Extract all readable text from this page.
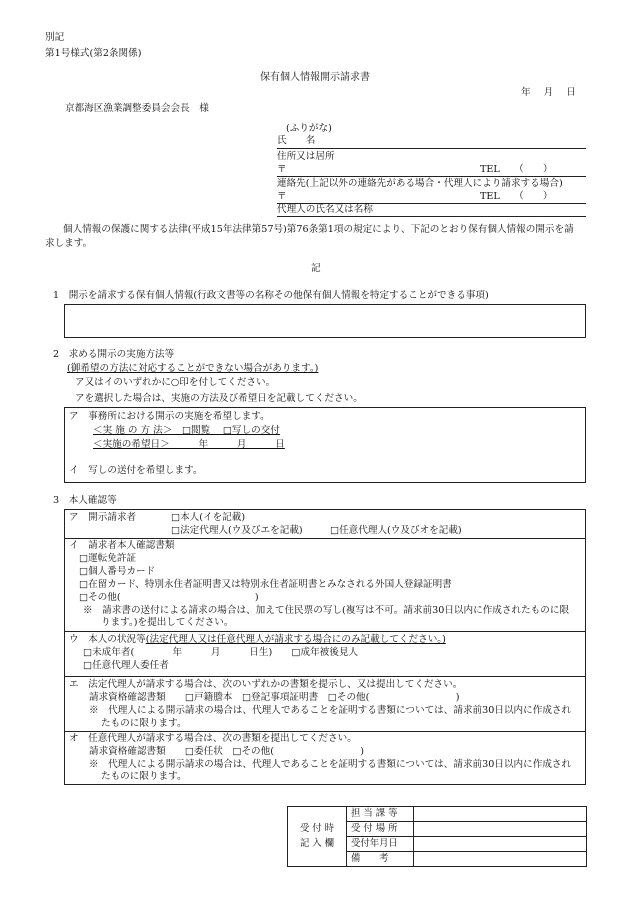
別記
第1号様式(第2条関係)
保有個人情報開示請求書
年 月 日
京都海区漁業調整委員会会長　様
(ふりがな)
氏　　名
住所又は居所
〒	TEL　　（　　）
連絡先(上記以外の連絡先がある場合・代理人により請求する場合)
〒	TEL　　（　　）
代理人の氏名又は名称
個人情報の保護に関する法律(平成15年法律第57号)第76条第1項の規定により、下記のとおり保有個人情報の開示を請
求します。
記
1　開示を請求する保有個人情報(行政文書等の名称その他保有個人情報を特定することができる事項)
2　求める開示の実施方法等
(御希望の方法に対応することができない場合があります。)
ア又はイのいずれかに○印を付してください。
アを選択した場合は、実施の方法及び希望日を記載してください。
ア　事務所における開示の実施を希望します。
＜実 施 の 方 法＞　□閲覧　 □写しの交付
＜実施の希望日＞　　　年　　　月　　　日
イ　写しの送付を希望します。
3　本人確認等
ア　開示請求者	□本人(イを記載)
□法定代理人(ウ及びエを記載)	□任意代理人(ウ及びオを記載)
イ　請求者本人確認書類
□運転免許証
□個人番号カード
□在留カード、特別永住者証明書又は特別永住者証明書とみなされる外国人登録証明書
□その他(　　　　　　　　　　　　　　)
※　請求書の送付による請求の場合は、加えて住民票の写し(複写は不可。請求前30日以内に作成されたものに限
ります。)を提出してください。
ウ　本人の状況等(法定代理人又は任意代理人が請求する場合にのみ記載してください。)
□未成年者(　　　　年　　　月　　　日生)　　□成年被後見人
□任意代理人委任者
エ　法定代理人が請求する場合は、次のいずれかの書類を提示し、又は提出してください。
請求資格確認書類　　□戸籍謄本　□登記事項証明書　□その他(　　　　　　　　　)
※　代理人による開示請求の場合は、代理人であることを証明する書類については、請求前30日以内に作成され
たものに限ります。
オ　任意代理人が請求する場合は、次の書類を提出してください。
請求資格確認書類　　□委任状　□その他(　　　　　　　　　)
※　代理人による開示請求の場合は、代理人であることを証明する書類については、請求前30日以内に作成され
たものに限ります。
受 付 時
記 入 欄	担 当 課 等	
	受 付 場 所	
	受付年月日	
	備　　考	
